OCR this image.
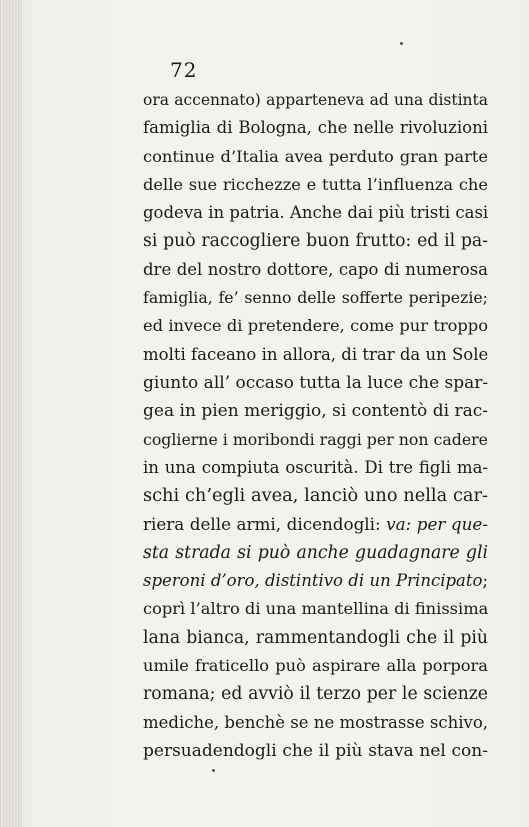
72
ora accennato) apparteneva ad una distinta
famiglia di Bologna, che nelle rivoluzioni
continue d’Italia avea perduto gran parte
delle sue ricchezze e tutta l’influenza che
godeva in patria. Anche dai più tristi casi
si può raccogliere buon frutto: ed il pa-
dre del nostro dottore, capo di numerosa
famiglia, fe’ senno delle sofferte peripezie;
ed invece di pretendere, come pur troppo
molti faceano in allora, di trar da un Sole
giunto all’ occaso tutta la luce che spar-
gea in pien meriggio, si contentò di rac-
coglierne i moribondi raggi per non cadere
in una compiuta oscurità. Di tre figli ma-
schi ch’egli avea, lanciò uno nella car-
riera delle armi, dicendogli: va: per que-
sta strada si può anche guadagnare gli
speroni d’oro, distintivo di un Principato;
coprì l’altro di una mantellina di finissima
lana bianca, rammentandogli che il più
umile fraticello può aspirare alla porpora
romana; ed avviò il terzo per le scienze
mediche, benchè se ne mostrasse schivo,
persuadendogli che il più stava nel con-
